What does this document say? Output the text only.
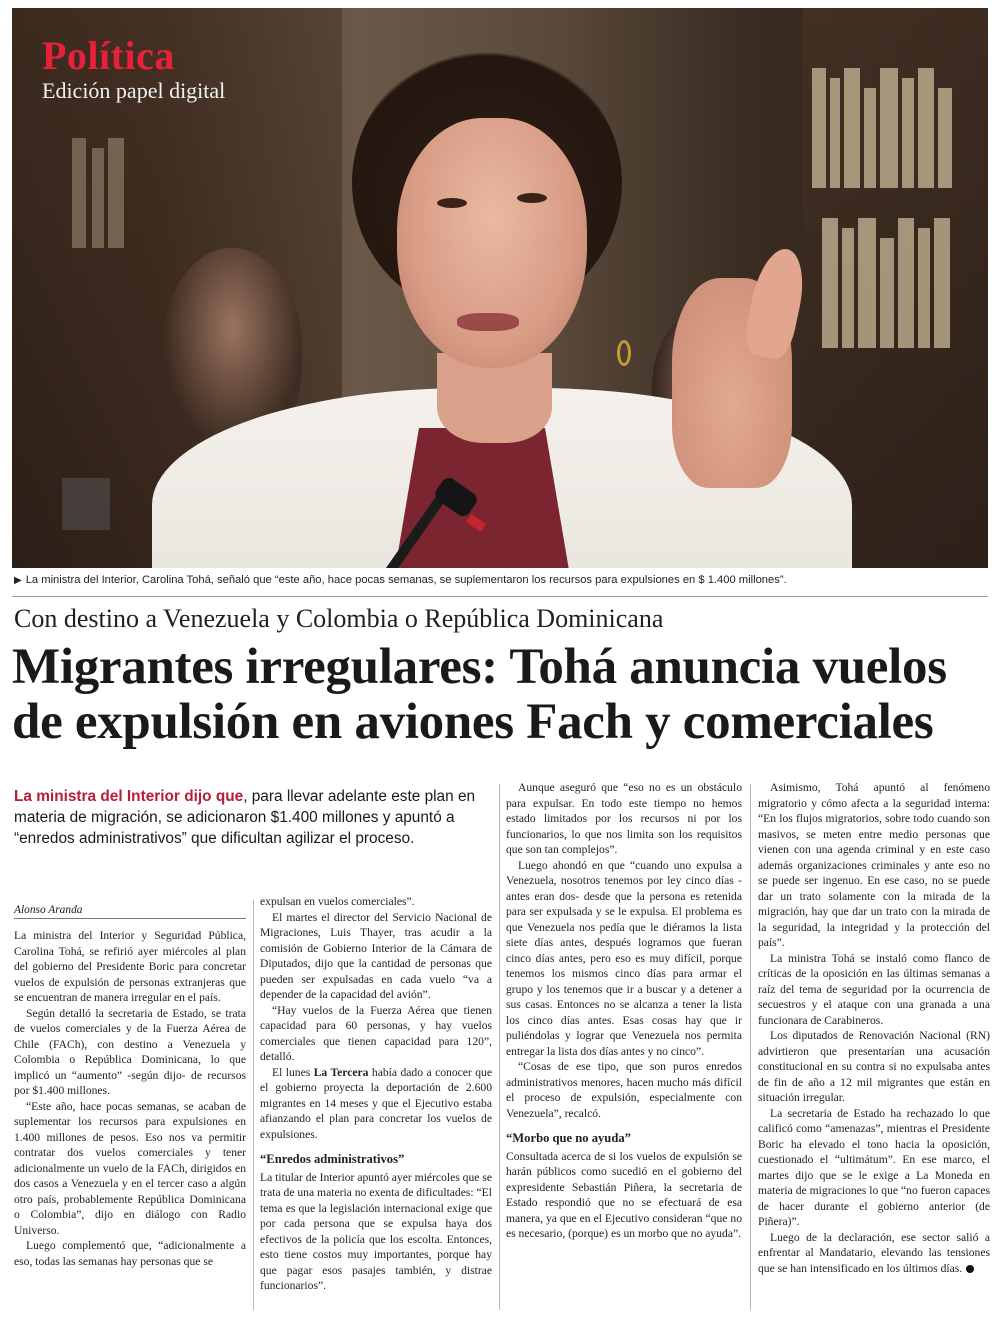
Política
Edición papel digital
▶ La ministra del Interior, Carolina Tohá, señaló que “este año, hace pocas semanas, se suplementaron los recursos para expulsiones en $ 1.400 millones”.
Con destino a Venezuela y Colombia o República Dominicana
Migrantes irregulares: Tohá anuncia vuelos de expulsión en aviones Fach y comerciales
La ministra del Interior dijo que, para llevar adelante este plan en materia de migración, se adicionaron $1.400 millones y apuntó a “enredos administrativos” que dificultan agilizar el proceso.
Alonso Aranda

La ministra del Interior y Seguridad Pública, Carolina Tohá, se refirió ayer miércoles al plan del gobierno del Presidente Boric para concretar vuelos de expulsión de personas extranjeras que se encuentran de manera irregular en el país.

Según detalló la secretaria de Estado, se trata de vuelos comerciales y de la Fuerza Aérea de Chile (FACh), con destino a Venezuela y Colombia o República Dominicana, lo que implicó un “aumento” -según dijo- de recursos por $1.400 millones.

“Este año, hace pocas semanas, se acaban de suplementar los recursos para expulsiones en 1.400 millones de pesos. Eso nos va permitir contratar dos vuelos comerciales y tener adicionalmente un vuelo de la FACh, dirigidos en dos casos a Venezuela y en el tercer caso a algún otro país, probablemente República Dominicana o Colombia”, dijo en diálogo con Radio Universo.

Luego complementó que, “adicionalmente a eso, todas las semanas hay personas que se

expulsan en vuelos comerciales”.

El martes el director del Servicio Nacional de Migraciones, Luis Thayer, tras acudir a la comisión de Gobierno Interior de la Cámara de Diputados, dijo que la cantidad de personas que pueden ser expulsadas en cada vuelo “va a depender de la capacidad del avión”.

“Hay vuelos de la Fuerza Aérea que tienen capacidad para 60 personas, y hay vuelos comerciales que tienen capacidad para 120”, detalló.

El lunes La Tercera había dado a conocer que el gobierno proyecta la deportación de 2.600 migrantes en 14 meses y que el Ejecutivo estaba afianzando el plan para concretar los vuelos de expulsiones.

“Enredos administrativos”

La titular de Interior apuntó ayer miércoles que se trata de una materia no exenta de dificultades: “El tema es que la legislación internacional exige que por cada persona que se expulsa haya dos efectivos de la policía que los escolta. Entonces, esto tiene costos muy importantes, porque hay que pagar esos pasajes también, y distrae funcionarios”.

Aunque aseguró que “eso no es un obstáculo para expulsar. En todo este tiempo no hemos estado limitados por los recursos ni por los funcionarios, lo que nos limita son los requisitos que son tan complejos”.

Luego ahondó en que “cuando uno expulsa a Venezuela, nosotros tenemos por ley cinco días -antes eran dos- desde que la persona es retenida para ser expulsada y se le expulsa. El problema es que Venezuela nos pedía que le diéramos la lista siete días antes, después logramos que fueran cinco días antes, pero eso es muy difícil, porque tenemos los mismos cinco días para armar el grupo y los tenemos que ir a buscar y a detener a sus casas. Entonces no se alcanza a tener la lista los cinco días antes. Esas cosas hay que ir puliéndolas y lograr que Venezuela nos permita entregar la lista dos días antes y no cinco”.

“Cosas de ese tipo, que son puros enredos administrativos menores, hacen mucho más difícil el proceso de expulsión, especialmente con Venezuela”, recalcó.

“Morbo que no ayuda”

Consultada acerca de si los vuelos de expulsión se harán públicos como sucedió en el gobierno del expresidente Sebastián Piñera, la secretaria de Estado respondió que no se efectuará de esa manera, ya que en el Ejecutivo consideran “que no es necesario, (porque) es un morbo que no ayuda”.

Asimismo, Tohá apuntó al fenómeno migratorio y cómo afecta a la seguridad interna: “En los flujos migratorios, sobre todo cuando son masivos, se meten entre medio personas que vienen con una agenda criminal y en este caso además organizaciones criminales y ante eso no se puede ser ingenuo. En ese caso, no se puede dar un trato solamente con la mirada de la migración, hay que dar un trato con la mirada de la seguridad, la integridad y la protección del país”.

La ministra Tohá se instaló como flanco de críticas de la oposición en las últimas semanas a raíz del tema de seguridad por la ocurrencia de secuestros y el ataque con una granada a una funcionara de Carabineros.

Los diputados de Renovación Nacional (RN) advirtieron que presentarían una acusación constitucional en su contra si no expulsaba antes de fin de año a 12 mil migrantes que están en situación irregular.

La secretaria de Estado ha rechazado lo que calificó como “amenazas”, mientras el Presidente Boric ha elevado el tono hacia la oposición, cuestionado el “ultimátum”. En ese marco, el martes dijo que se le exige a La Moneda en materia de migraciones lo que “no fueron capaces de hacer durante el gobierno anterior (de Piñera)”.

Luego de la declaración, ese sector salió a enfrentar al Mandatario, elevando las tensiones que se han intensificado en los últimos días.
